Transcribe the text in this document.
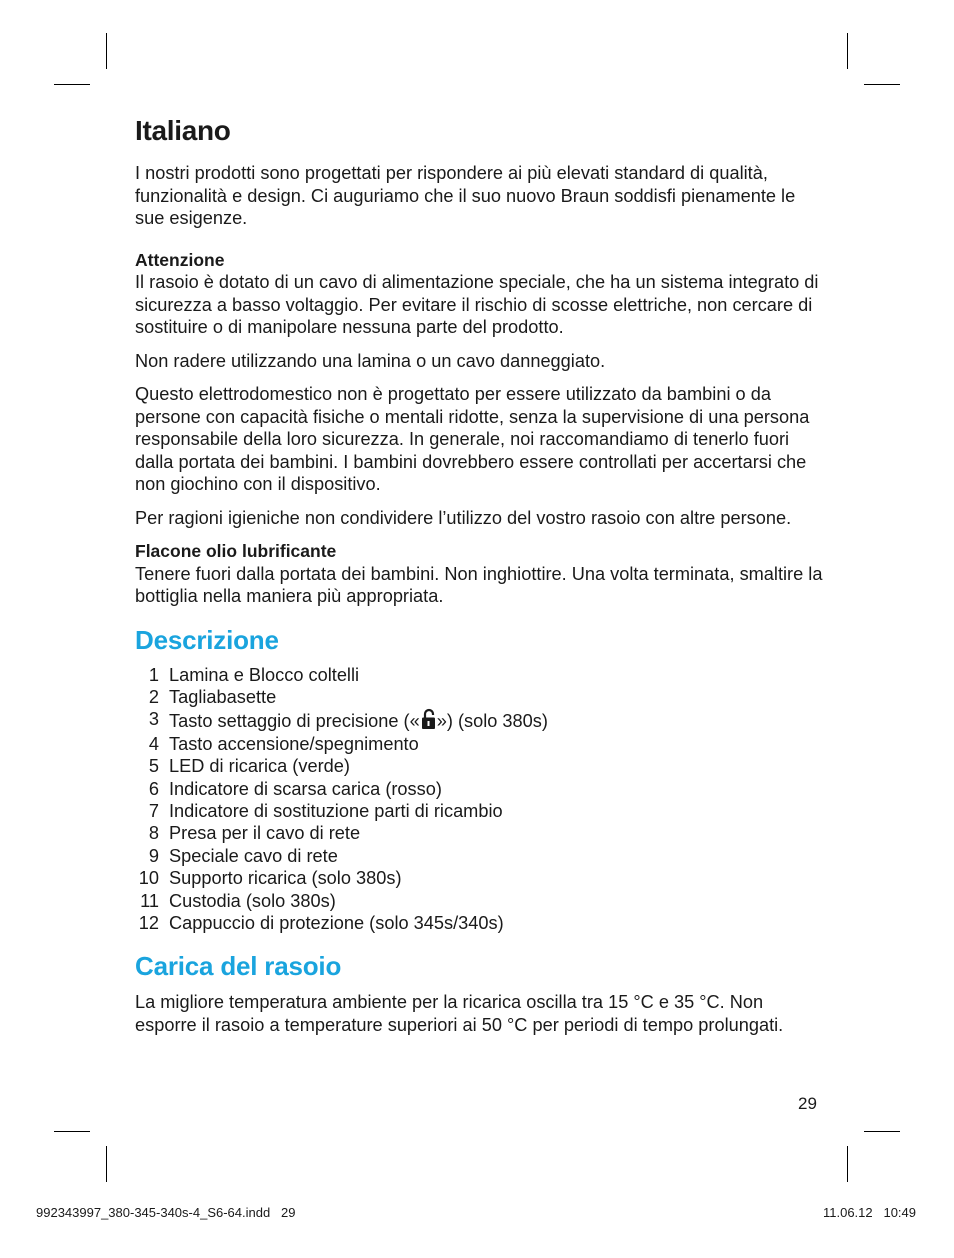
Italiano

I nostri prodotti sono progettati per rispondere ai più elevati standard di qualità, funzionalità e design. Ci auguriamo che il suo nuovo Braun soddisfi pienamente le sue esigenze.

Attenzione

Il rasoio è dotato di un cavo di alimentazione speciale, che ha un sistema integrato di sicurezza a basso voltaggio. Per evitare il rischio di scosse elettriche, non cercare di sostituire o di manipolare nessuna parte del prodotto.

Non radere utilizzando una lamina o un cavo danneggiato.

Questo elettrodomestico non è progettato per essere utilizzato da bambini o da persone con capacità fisiche o mentali ridotte, senza la supervisione di una persona responsabile della loro sicurezza. In generale, noi raccomandiamo di tenerlo fuori dalla portata dei bambini. I bambini dovrebbero essere controllati per accertarsi che non giochino con il dispositivo.

Per ragioni igieniche non condividere l’utilizzo del vostro rasoio con altre persone.

Flacone olio lubrificante

Tenere fuori dalla portata dei bambini. Non inghiottire. Una volta terminata, smaltire la bottiglia nella maniera più appropriata.

Descrizione
1 Lamina e Blocco coltelli
2 Tagliabasette
3 Tasto settaggio di precisione (« ») (solo 380s)
4 Tasto accensione/spegnimento
5 LED di ricarica (verde)
6 Indicatore di scarsa carica (rosso)
7 Indicatore di sostituzione parti di ricambio
8 Presa per il cavo di rete
9 Speciale cavo di rete
10 Supporto ricarica (solo 380s)
11 Custodia (solo 380s)
12 Cappuccio di protezione (solo 345s/340s)
Carica del rasoio

La migliore temperatura ambiente per la ricarica oscilla tra 15 °C e 35 °C. Non esporre il rasoio a temperature superiori ai 50 °C per periodi di tempo prolungati.

29
992343997_380-345-340s-4_S6-64.indd   29	11.06.12   10:49
